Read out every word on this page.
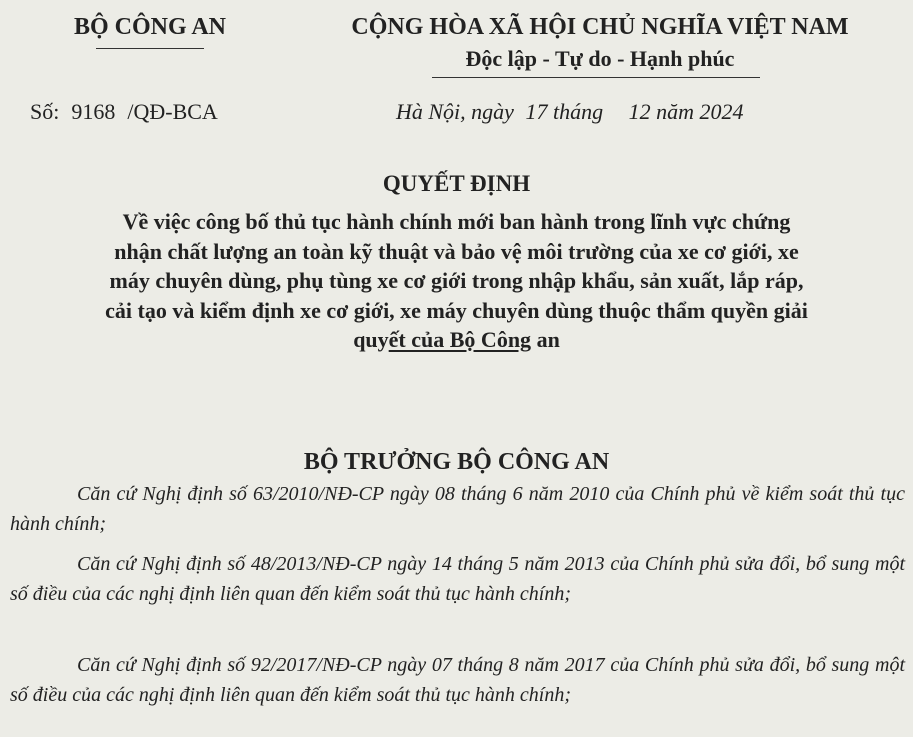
BỘ CÔNG AN	CỘNG HÒA XÃ HỘI CHỦ NGHĨA VIỆT NAM

Độc lập - Tự do - Hạnh phúc

Số: 9168 /QĐ-BCA	Hà Nội, ngày 17 tháng 12 năm 2024

QUYẾT ĐỊNH

Về việc công bố thủ tục hành chính mới ban hành trong lĩnh vực chứng
nhận chất lượng an toàn kỹ thuật và bảo vệ môi trường của xe cơ giới, xe
máy chuyên dùng, phụ tùng xe cơ giới trong nhập khẩu, sản xuất, lắp ráp,
cải tạo và kiểm định xe cơ giới, xe máy chuyên dùng thuộc thẩm quyền giải
quyết của Bộ Công an

BỘ TRƯỞNG BỘ CÔNG AN

Căn cứ Nghị định số 63/2010/NĐ-CP ngày 08 tháng 6 năm 2010 của Chính phủ về kiểm soát thủ tục hành chính;

Căn cứ Nghị định số 48/2013/NĐ-CP ngày 14 tháng 5 năm 2013 của Chính phủ sửa đổi, bổ sung một số điều của các nghị định liên quan đến kiểm soát thủ tục hành chính;

Căn cứ Nghị định số 92/2017/NĐ-CP ngày 07 tháng 8 năm 2017 của Chính phủ sửa đổi, bổ sung một số điều của các nghị định liên quan đến kiểm soát thủ tục hành chính;
